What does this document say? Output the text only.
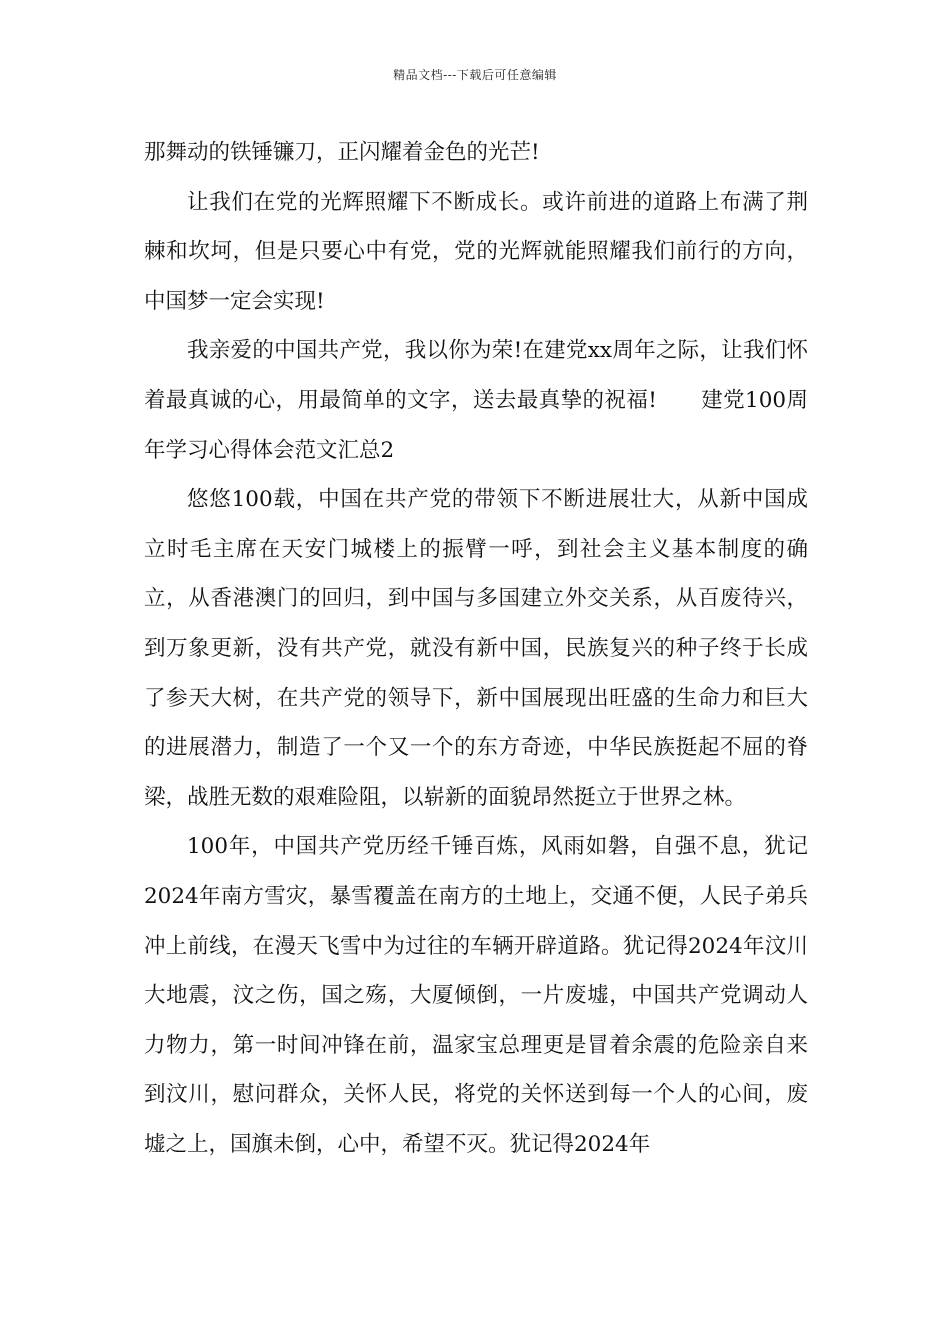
精品文档---下载后可任意编辑

那舞动的铁锤镰刀，正闪耀着金色的光芒!

让我们在党的光辉照耀下不断成长。或许前进的道路上布满了荆棘和坎坷，但是只要心中有党，党的光辉就能照耀我们前行的方向，中国梦一定会实现!

我亲爱的中国共产党，我以你为荣!在建党xx周年之际，让我们怀着最真诚的心，用最简单的文字，送去最真挚的祝福!　　建党100周年学习心得体会范文汇总2

悠悠100载，中国在共产党的带领下不断进展壮大，从新中国成立时毛主席在天安门城楼上的振臂一呼，到社会主义基本制度的确立，从香港澳门的回归，到中国与多国建立外交关系，从百废待兴，到万象更新，没有共产党，就没有新中国，民族复兴的种子终于长成了参天大树，在共产党的领导下，新中国展现出旺盛的生命力和巨大的进展潜力，制造了一个又一个的东方奇迹，中华民族挺起不屈的脊梁，战胜无数的艰难险阻，以崭新的面貌昂然挺立于世界之林。

100年，中国共产党历经千锤百炼，风雨如磐，自强不息，犹记2024年南方雪灾，暴雪覆盖在南方的土地上，交通不便，人民子弟兵冲上前线，在漫天飞雪中为过往的车辆开辟道路。犹记得2024年汶川大地震，汶之伤，国之殇，大厦倾倒，一片废墟，中国共产党调动人力物力，第一时间冲锋在前，温家宝总理更是冒着余震的危险亲自来到汶川，慰问群众，关怀人民，将党的关怀送到每一个人的心间，废墟之上，国旗未倒，心中，希望不灭。犹记得2024年
